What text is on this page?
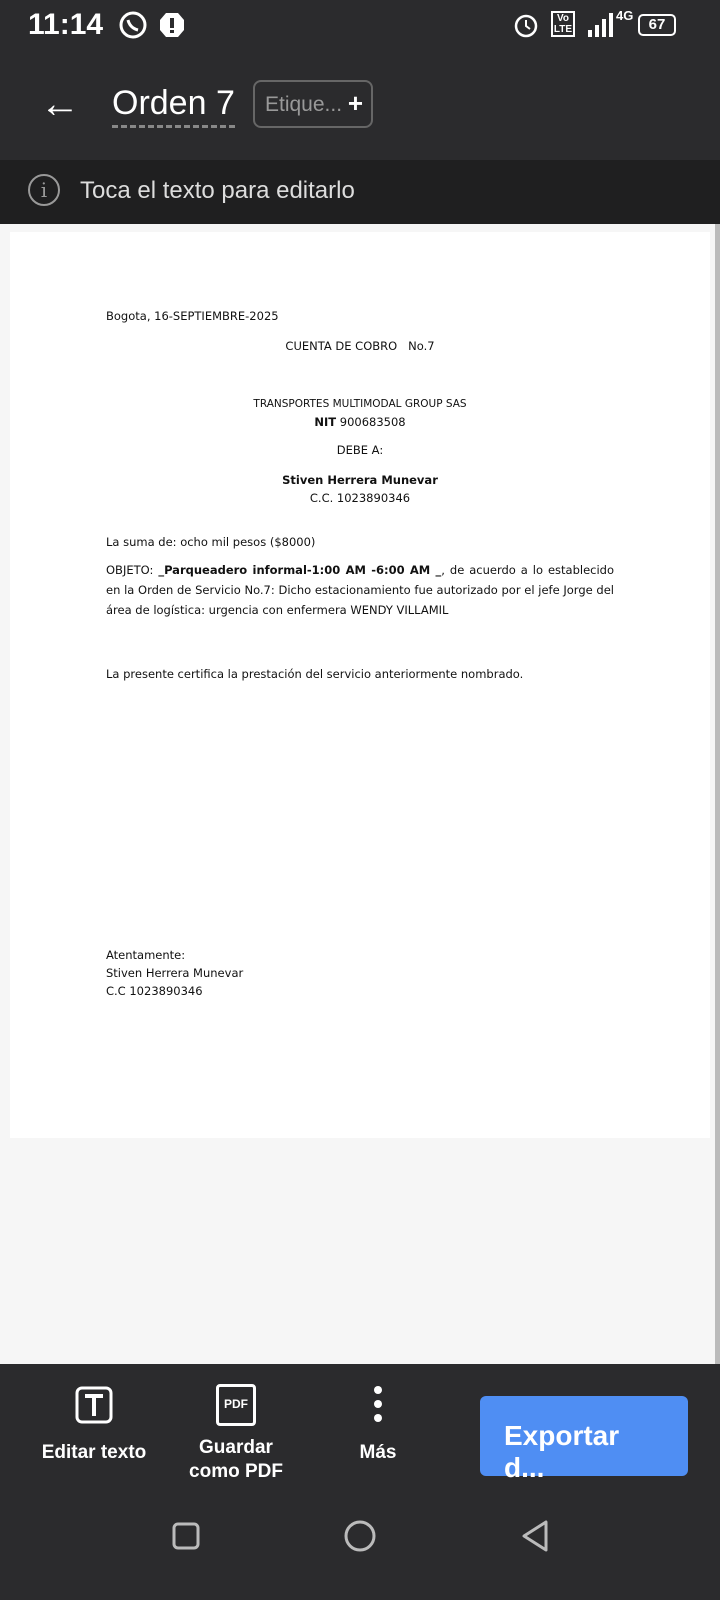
11:14	Vo LTE
4G
67
← Orden 7	Etique... +
i	Toca el texto para editarlo
Bogota, 16-SEPTIEMBRE-2025
CUENTA DE COBRO   No.7
TRANSPORTES MULTIMODAL GROUP SAS
NIT 900683508
DEBE A:
Stiven Herrera Munevar
C.C. 1023890346
La suma de: ocho mil pesos ($8000)
OBJETO: _Parqueadero informal-1:00 AM -6:00 AM _, de acuerdo a lo establecido en la Orden de Servicio No.7: Dicho estacionamiento fue autorizado por el jefe Jorge del área de logística: urgencia con enfermera WENDY VILLAMIL
La presente certifica la prestación del servicio anteriormente nombrado.
Atentamente:
Stiven Herrera Munevar
C.C 1023890346
Editar texto
PDF
Guardar como PDF
Más
Exportar d...
